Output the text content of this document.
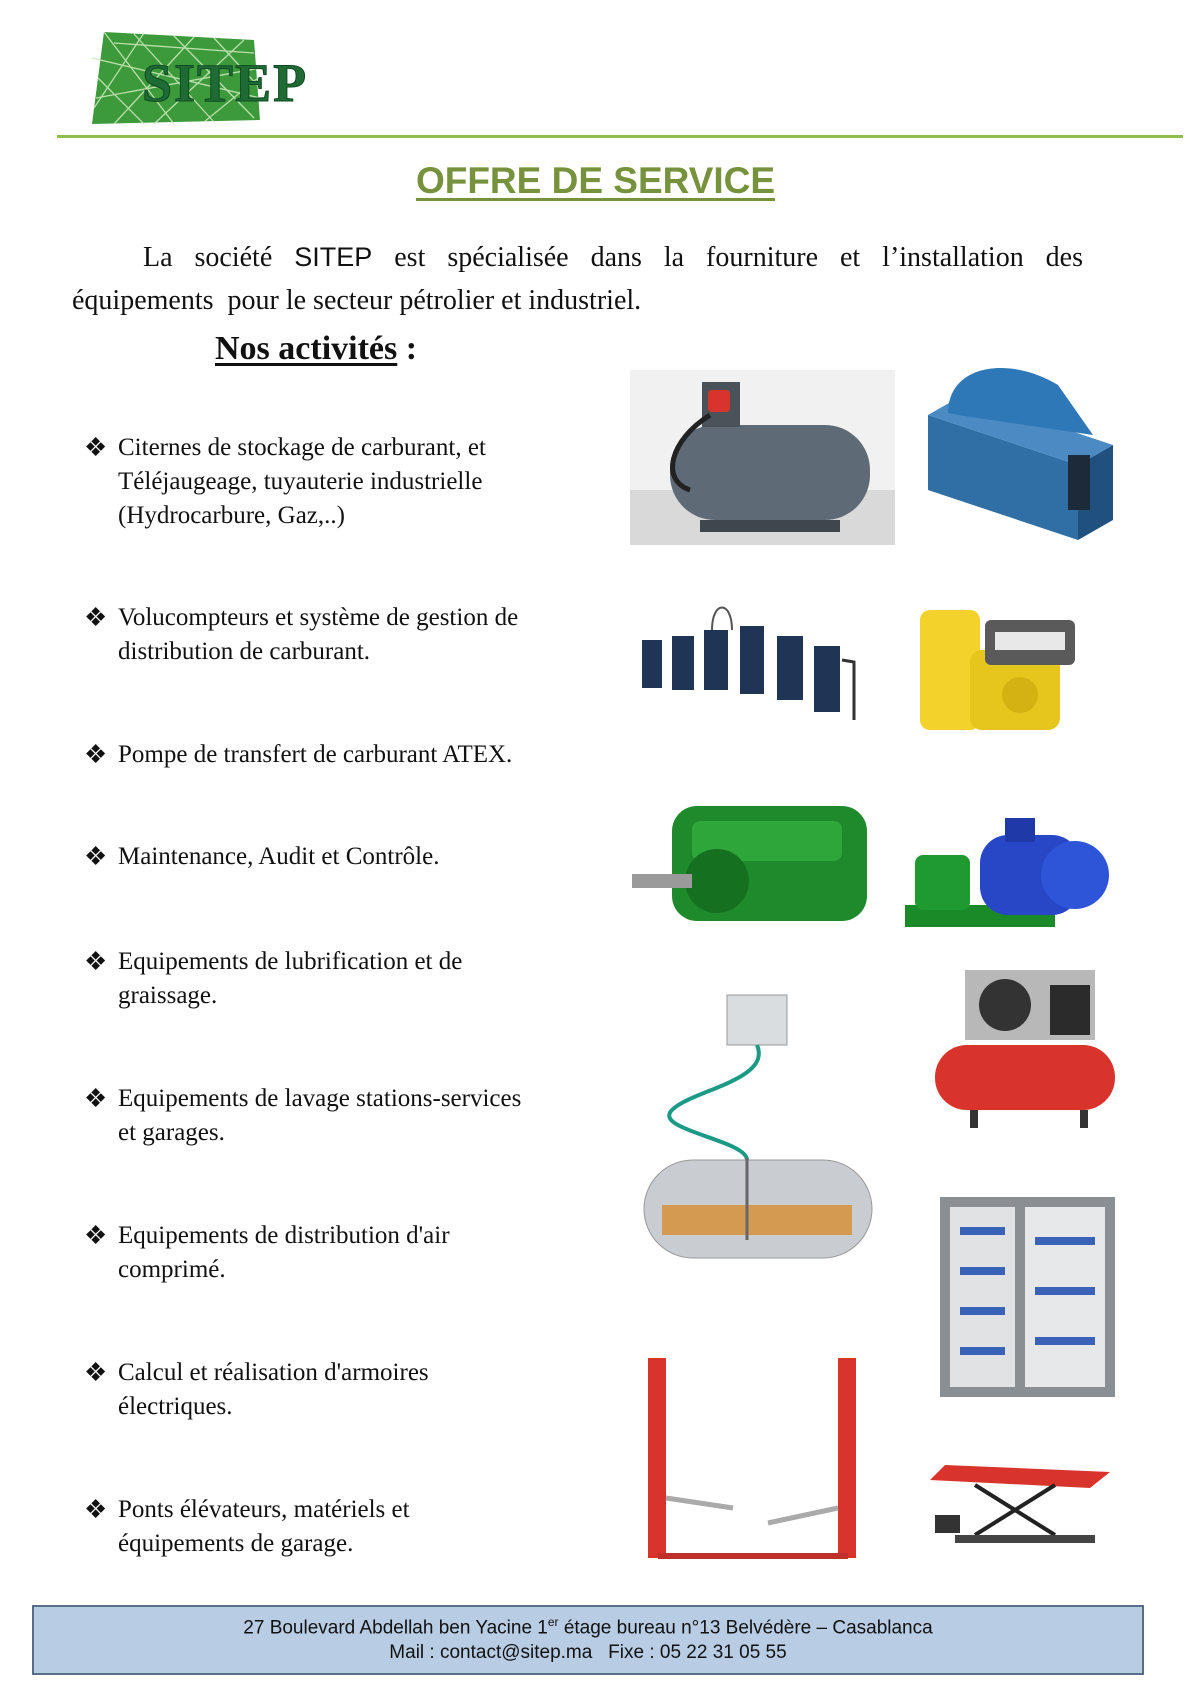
SITEP
OFFRE DE SERVICE
La société SITEP est spécialisée dans la fourniture et l’installation des
équipements  pour le secteur pétrolier et industriel.
Nos activités :
❖ Citernes de stockage de carburant, et
Téléjaugeage, tuyauterie industrielle
(Hydrocarbure, Gaz,..)
❖ Volucompteurs et système de gestion de
distribution de carburant.
❖ Pompe de transfert de carburant ATEX.
❖ Maintenance, Audit et Contrôle.
❖ Equipements de lubrification et de
graissage.
❖ Equipements de lavage stations-services
et garages.
❖ Equipements de distribution d'air
comprimé.
❖ Calcul et réalisation d'armoires
électriques.
❖ Ponts élévateurs, matériels et
équipements de garage.
27 Boulevard Abdellah ben Yacine 1er étage bureau n°13 Belvédère – Casablanca
Mail : contact@sitep.ma   Fixe : 05 22 31 05 55
